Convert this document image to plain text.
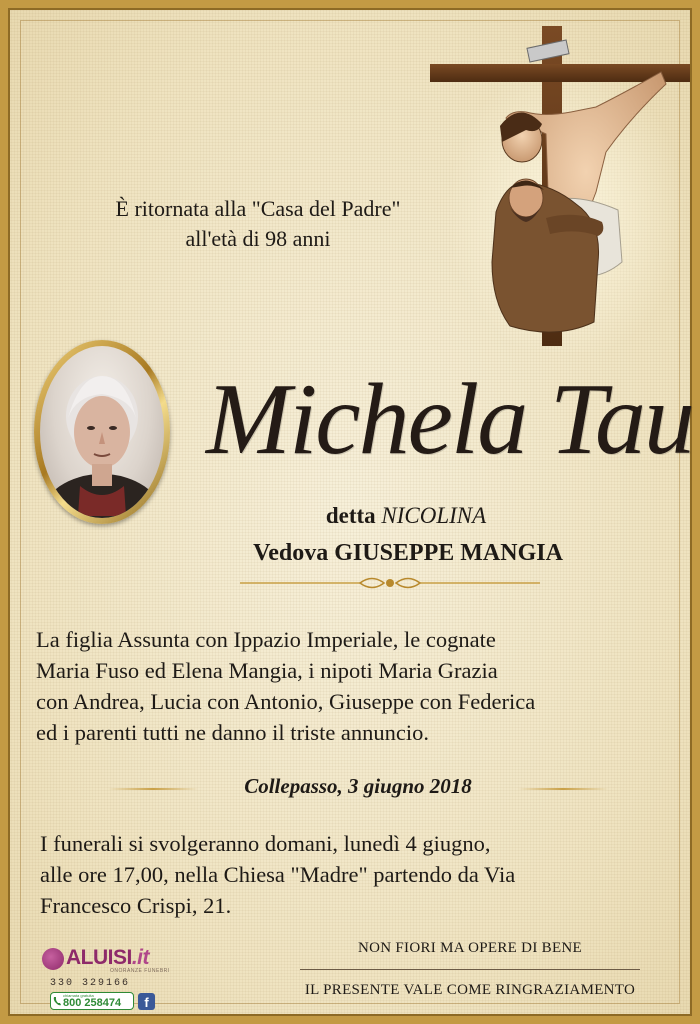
È ritornata alla "Casa del Padre"
all'età di 98 anni
Michela Tau
detta NICOLINA
Vedova GIUSEPPE MANGIA
La figlia Assunta con Ippazio Imperiale, le cognate
Maria Fuso ed Elena Mangia, i nipoti Maria Grazia
con Andrea, Lucia con Antonio, Giuseppe con Federica
ed i parenti tutti ne danno il triste annuncio.
Collepasso, 3 giugno 2018
I funerali si svolgeranno domani, lunedì 4 giugno,
alle ore 17,00, nella Chiesa "Madre" partendo da Via
Francesco Crispi, 21.
ALUISI.it
ONORANZE FUNEBRI
330 329166
chiamata gratuita
800 258474	f
NON FIORI MA OPERE DI BENE
IL PRESENTE VALE COME RINGRAZIAMENTO
